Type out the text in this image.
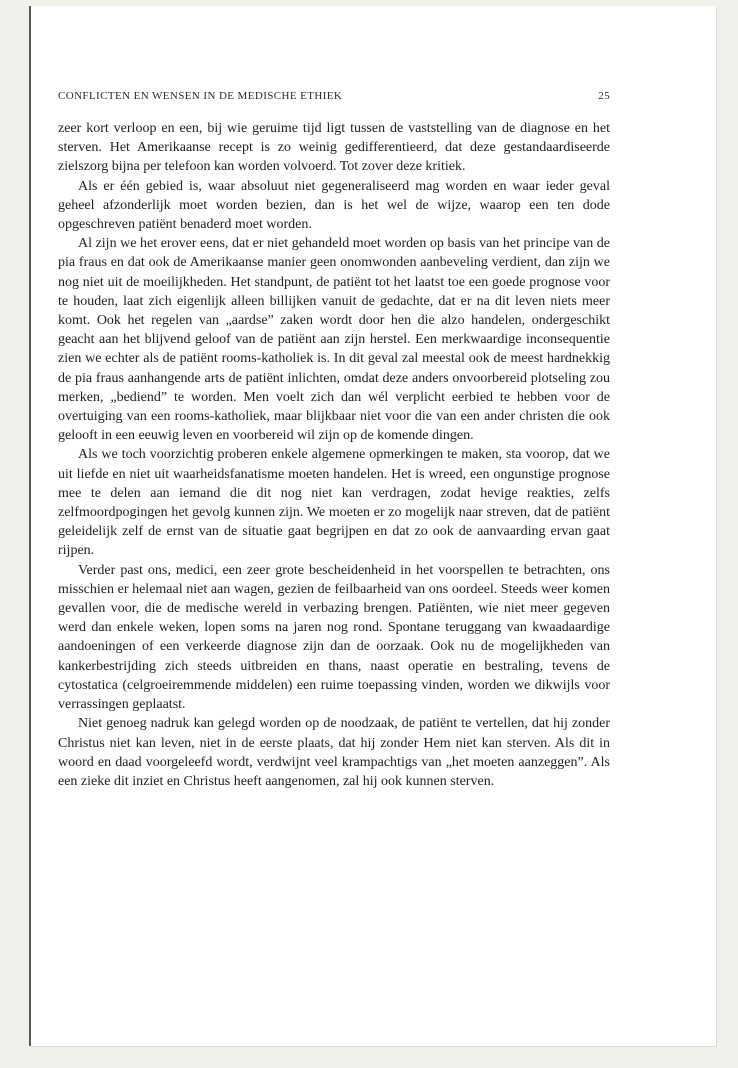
CONFLICTEN EN WENSEN IN DE MEDISCHE ETHIEK	25

zeer kort verloop en een, bij wie geruime tijd ligt tussen de vaststelling van de diagnose en het sterven. Het Amerikaanse recept is zo weinig gedifferentieerd, dat deze gestandaardiseerde zielszorg bijna per telefoon kan worden volvoerd. Tot zover deze kritiek.

Als er één gebied is, waar absoluut niet gegeneraliseerd mag worden en waar ieder geval geheel afzonderlijk moet worden bezien, dan is het wel de wijze, waarop een ten dode opgeschreven patiënt benaderd moet worden.

Al zijn we het erover eens, dat er niet gehandeld moet worden op basis van het principe van de pia fraus en dat ook de Amerikaanse manier geen onomwonden aanbeveling verdient, dan zijn we nog niet uit de moeilijkheden. Het standpunt, de patiënt tot het laatst toe een goede prognose voor te houden, laat zich eigenlijk alleen billijken vanuit de gedachte, dat er na dit leven niets meer komt. Ook het regelen van „aardse” zaken wordt door hen die alzo handelen, ondergeschikt geacht aan het blijvend geloof van de patiënt aan zijn herstel. Een merkwaardige inconsequentie zien we echter als de patiënt rooms-katholiek is. In dit geval zal meestal ook de meest hardnekkig de pia fraus aanhangende arts de patiënt inlichten, omdat deze anders onvoorbereid plotseling zou merken, „bediend” te worden. Men voelt zich dan wél verplicht eerbied te hebben voor de overtuiging van een rooms-katholiek, maar blijkbaar niet voor die van een ander christen die ook gelooft in een eeuwig leven en voorbereid wil zijn op de komende dingen.

Als we toch voorzichtig proberen enkele algemene opmerkingen te maken, sta voorop, dat we uit liefde en niet uit waarheidsfanatisme moeten handelen. Het is wreed, een ongunstige prognose mee te delen aan iemand die dit nog niet kan verdragen, zodat hevige reakties, zelfs zelfmoordpogingen het gevolg kunnen zijn. We moeten er zo mogelijk naar streven, dat de patiënt geleidelijk zelf de ernst van de situatie gaat begrijpen en dat zo ook de aanvaarding ervan gaat rijpen.

Verder past ons, medici, een zeer grote bescheidenheid in het voorspellen te betrachten, ons misschien er helemaal niet aan wagen, gezien de feilbaarheid van ons oordeel. Steeds weer komen gevallen voor, die de medische wereld in verbazing brengen. Patiënten, wie niet meer gegeven werd dan enkele weken, lopen soms na jaren nog rond. Spontane teruggang van kwaadaardige aandoeningen of een verkeerde diagnose zijn dan de oorzaak. Ook nu de mogelijkheden van kankerbestrijding zich steeds uitbreiden en thans, naast operatie en bestraling, tevens de cytostatica (celgroeiremmende middelen) een ruime toepassing vinden, worden we dikwijls voor verrassingen geplaatst.

Niet genoeg nadruk kan gelegd worden op de noodzaak, de patiënt te vertellen, dat hij zonder Christus niet kan leven, niet in de eerste plaats, dat hij zonder Hem niet kan sterven. Als dit in woord en daad voorgeleefd wordt, verdwijnt veel krampachtigs van „het moeten aanzeggen”. Als een zieke dit inziet en Christus heeft aangenomen, zal hij ook kunnen sterven.
